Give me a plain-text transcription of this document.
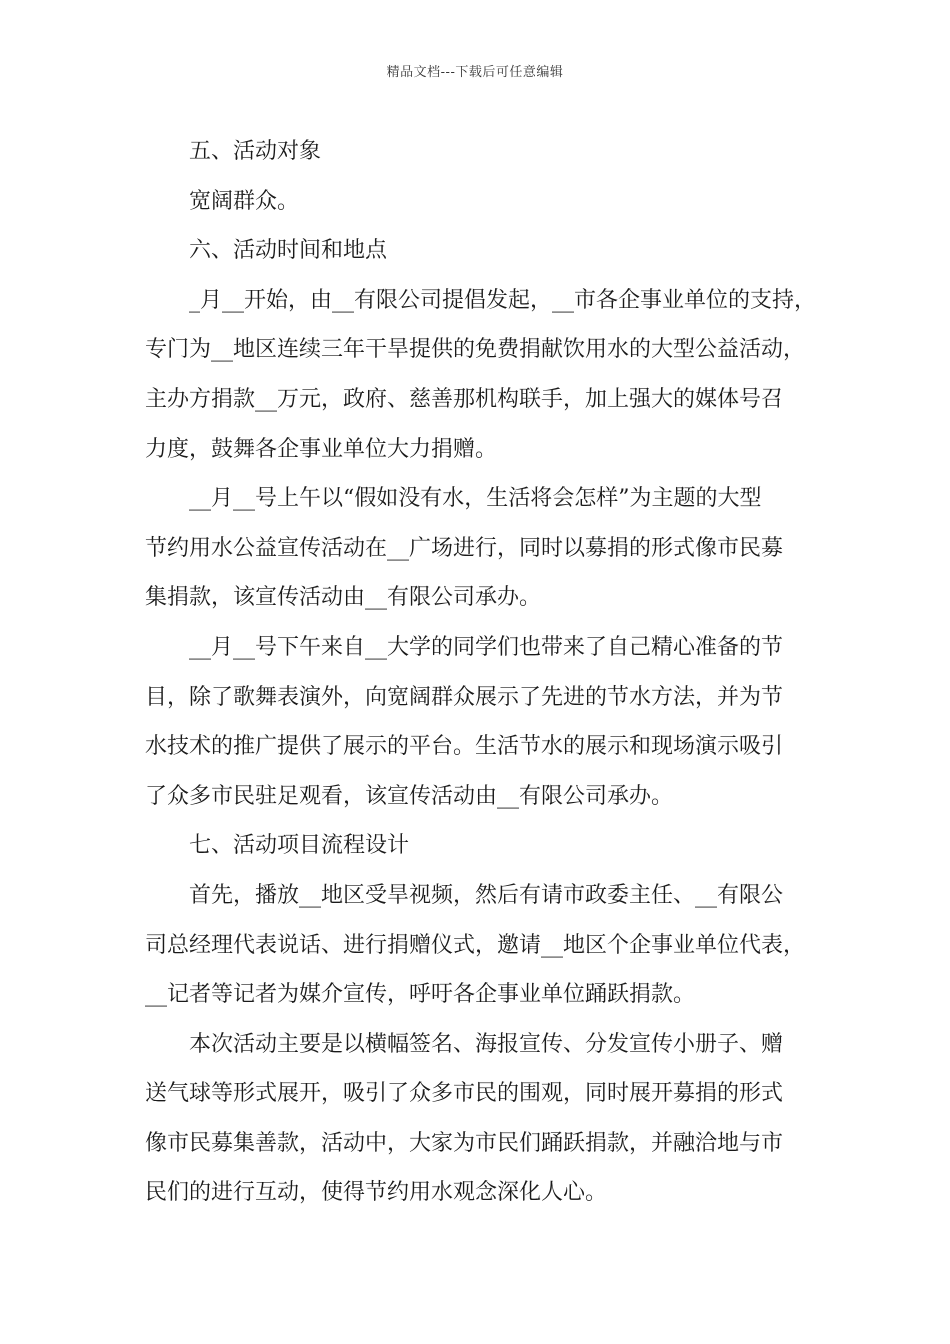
精品文档---下载后可任意编辑
五、活动对象
宽阔群众。
六、活动时间和地点
_月__开始，由__有限公司提倡发起，__市各企事业单位的支持，
专门为__地区连续三年干旱提供的免费捐献饮用水的大型公益活动，
主办方捐款__万元，政府、慈善那机构联手，加上强大的媒体号召
力度，鼓舞各企事业单位大力捐赠。
__月__号上午以“假如没有水，生活将会怎样”为主题的大型
节约用水公益宣传活动在__广场进行，同时以募捐的形式像市民募
集捐款，该宣传活动由__有限公司承办。
__月__号下午来自__大学的同学们也带来了自己精心准备的节
目，除了歌舞表演外，向宽阔群众展示了先进的节水方法，并为节
水技术的推广提供了展示的平台。生活节水的展示和现场演示吸引
了众多市民驻足观看，该宣传活动由__有限公司承办。
七、活动项目流程设计
首先，播放__地区受旱视频，然后有请市政委主任、__有限公
司总经理代表说话、进行捐赠仪式，邀请__地区个企事业单位代表，
__记者等记者为媒介宣传，呼吁各企事业单位踊跃捐款。
本次活动主要是以横幅签名、海报宣传、分发宣传小册子、赠
送气球等形式展开，吸引了众多市民的围观，同时展开募捐的形式
像市民募集善款，活动中，大家为市民们踊跃捐款，并融洽地与市
民们的进行互动，使得节约用水观念深化人心。
